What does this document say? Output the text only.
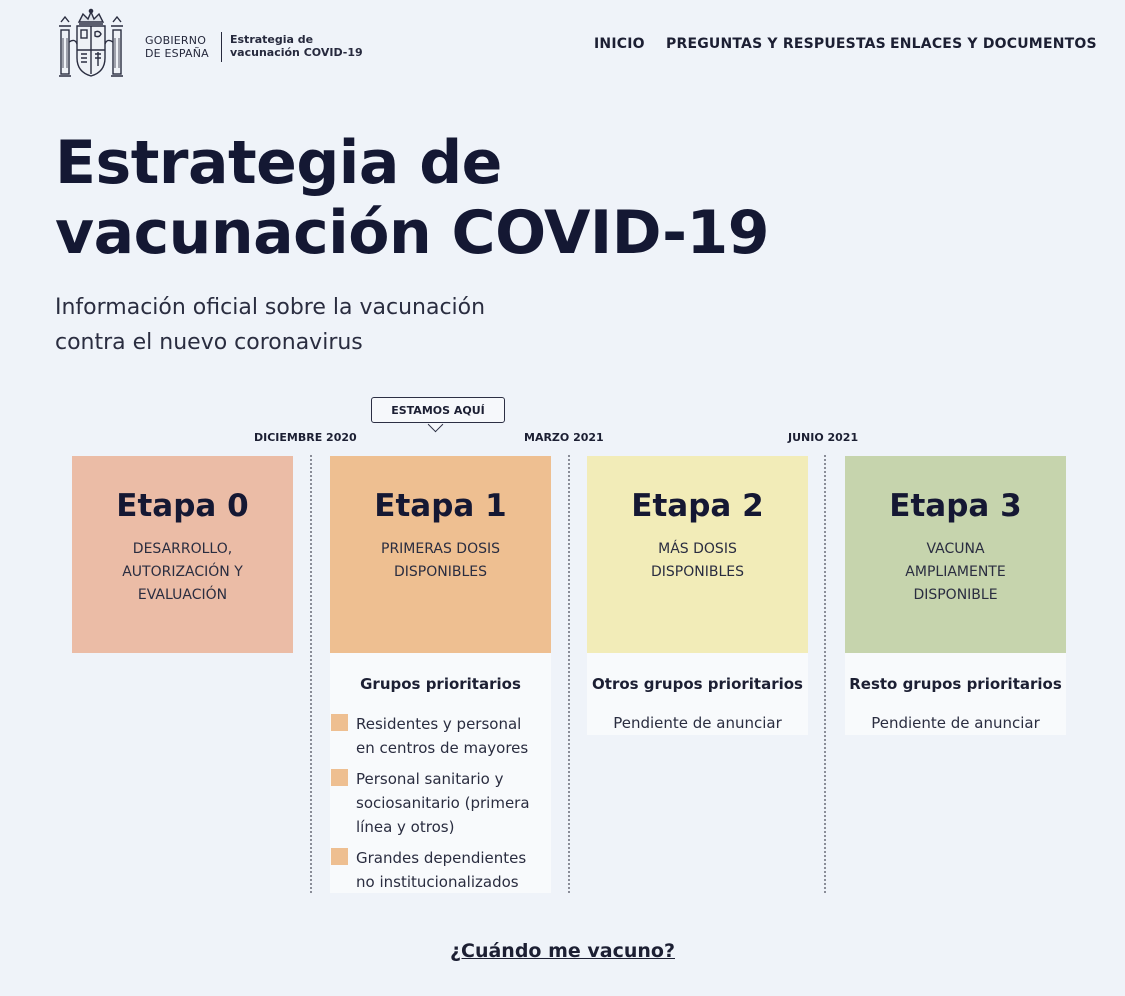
GOBIERNO
DE ESPAÑA
Estrategia de
vacunación COVID-19
INICIO PREGUNTAS Y RESPUESTAS ENLACES Y DOCUMENTOS
Estrategia de
vacunación COVID-19
Información oficial sobre la vacunación
contra el nuevo coronavirus
ESTAMOS AQUÍ
DICIEMBRE 2020	MARZO 2021	JUNIO 2021
Etapa 0
DESARROLLO,
AUTORIZACIÓN Y
EVALUACIÓN
Etapa 1
PRIMERAS DOSIS
DISPONIBLES
Etapa 2
MÁS DOSIS
DISPONIBLES
Etapa 3
VACUNA
AMPLIAMENTE
DISPONIBLE
Grupos prioritarios	Otros grupos prioritarios	Resto grupos prioritarios
Pendiente de anunciar	Pendiente de anunciar
Residentes y personal
en centros de mayores
Personal sanitario y
sociosanitario (primera
línea y otros)
Grandes dependientes
no institucionalizados
¿Cuándo me vacuno?
